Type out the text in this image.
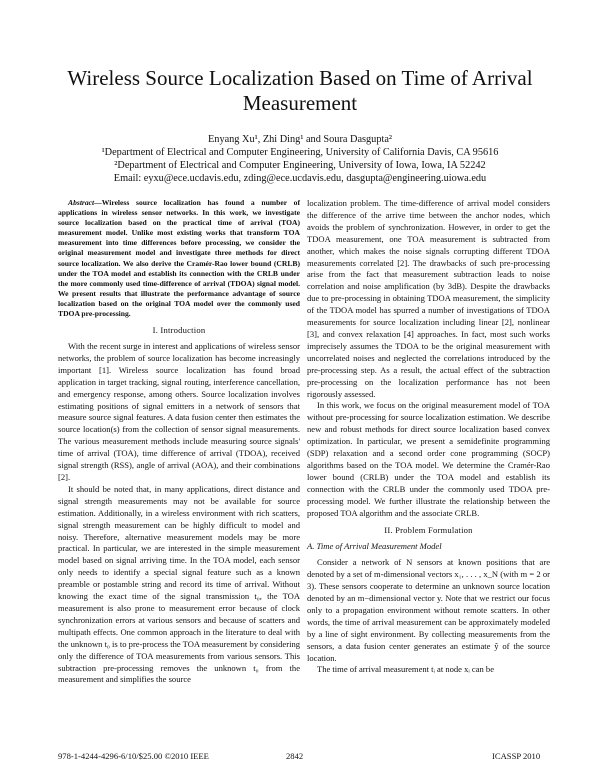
Wireless Source Localization Based on Time of Arrival Measurement
Enyang Xu¹, Zhi Ding¹ and Soura Dasgupta²
¹Department of Electrical and Computer Engineering, University of California Davis, CA 95616
²Department of Electrical and Computer Engineering, University of Iowa, Iowa, IA 52242
Email: eyxu@ece.ucdavis.edu, zding@ece.ucdavis.edu, dasgupta@engineering.uiowa.edu

Abstract—Wireless source localization has found a number of applications in wireless sensor networks. In this work, we investigate source localization based on the practical time of arrival (TOA) measurement model. Unlike most existing works that transform TOA measurement into time differences before processing, we consider the original measurement model and investigate three methods for direct source localization. We also derive the Cramér-Rao lower bound (CRLB) under the TOA model and establish its connection with the CRLB under the more commonly used time-difference of arrival (TDOA) signal model. We present results that illustrate the performance advantage of source localization based on the original TOA model over the commonly used TDOA pre-processing.

I. Introduction

With the recent surge in interest and applications of wireless sensor networks, the problem of source localization has become increasingly important [1]. Wireless source localization has found broad application in target tracking, signal routing, interference cancellation, and emergency response, among others. Source localization involves estimating positions of signal emitters in a network of sensors that measure source signal features. A data fusion center then estimates the source location(s) from the collection of sensor signal measurements. The various measurement methods include measuring source signals' time of arrival (TOA), time difference of arrival (TDOA), received signal strength (RSS), angle of arrival (AOA), and their combinations [2].

It should be noted that, in many applications, direct distance and signal strength measurements may not be available for source estimation. Additionally, in a wireless environment with rich scatters, signal strength measurement can be highly difficult to model and noisy. Therefore, alternative measurement models may be more practical. In particular, we are interested in the simple measurement model based on signal arriving time. In the TOA model, each sensor only needs to identify a special signal feature such as a known preamble or postamble string and record its time of arrival. Without knowing the exact time of the signal transmission t₀, the TOA measurement is also prone to measurement error because of clock synchronization errors at various sensors and because of scatters and multipath effects. One common approach in the literature to deal with the unknown t₀ is to pre-process the TOA measurement by considering only the difference of TOA measurements from various sensors. This subtraction pre-processing removes the unknown t₀ from the measurement and simplifies the source

localization problem. The time-difference of arrival model considers the difference of the arrive time between the anchor nodes, which avoids the problem of synchronization. However, in order to get the TDOA measurement, one TOA measurement is subtracted from another, which makes the noise signals corrupting different TDOA measurements correlated [2]. The drawbacks of such pre-processing arise from the fact that measurement subtraction leads to noise correlation and noise amplification (by 3dB). Despite the drawbacks due to pre-processing in obtaining TDOA measurement, the simplicity of the TDOA model has spurred a number of investigations of TDOA measurements for source localization including linear [2], nonlinear [3], and convex relaxation [4] approaches. In fact, most such works imprecisely assumes the TDOA to be the original measurement with uncorrelated noises and neglected the correlations introduced by the pre-processing step. As a result, the actual effect of the subtraction pre-processing on the localization performance has not been rigorously assessed.

In this work, we focus on the original measurement model of TOA without pre-processing for source localization estimation. We describe new and robust methods for direct source localization based convex optimization. In particular, we present a semidefinite programming (SDP) relaxation and a second order cone programming (SOCP) algorithms based on the TOA model. We determine the Cramér-Rao lower bound (CRLB) under the TOA model and establish its connection with the CRLB under the commonly used TDOA pre-processing model. We further illustrate the relationship between the proposed TOA algorithm and the associate CRLB.

II. Problem Formulation
A. Time of Arrival Measurement Model

Consider a network of N sensors at known positions that are denoted by a set of m-dimensional vectors x₁, . . . , x_N (with m = 2 or 3). These sensors cooperate to determine an unknown source location denoted by an m−dimensional vector y. Note that we restrict our focus only to a propagation environment without remote scatters. In other words, the time of arrival measurement can be approximately modeled by a line of sight environment. By collecting measurements from the sensors, a data fusion center generates an estimate ŷ of the source location.

The time of arrival measurement tᵢ at node xᵢ can be

978-1-4244-4296-6/10/$25.00 ©2010 IEEE	2842	ICASSP 2010
